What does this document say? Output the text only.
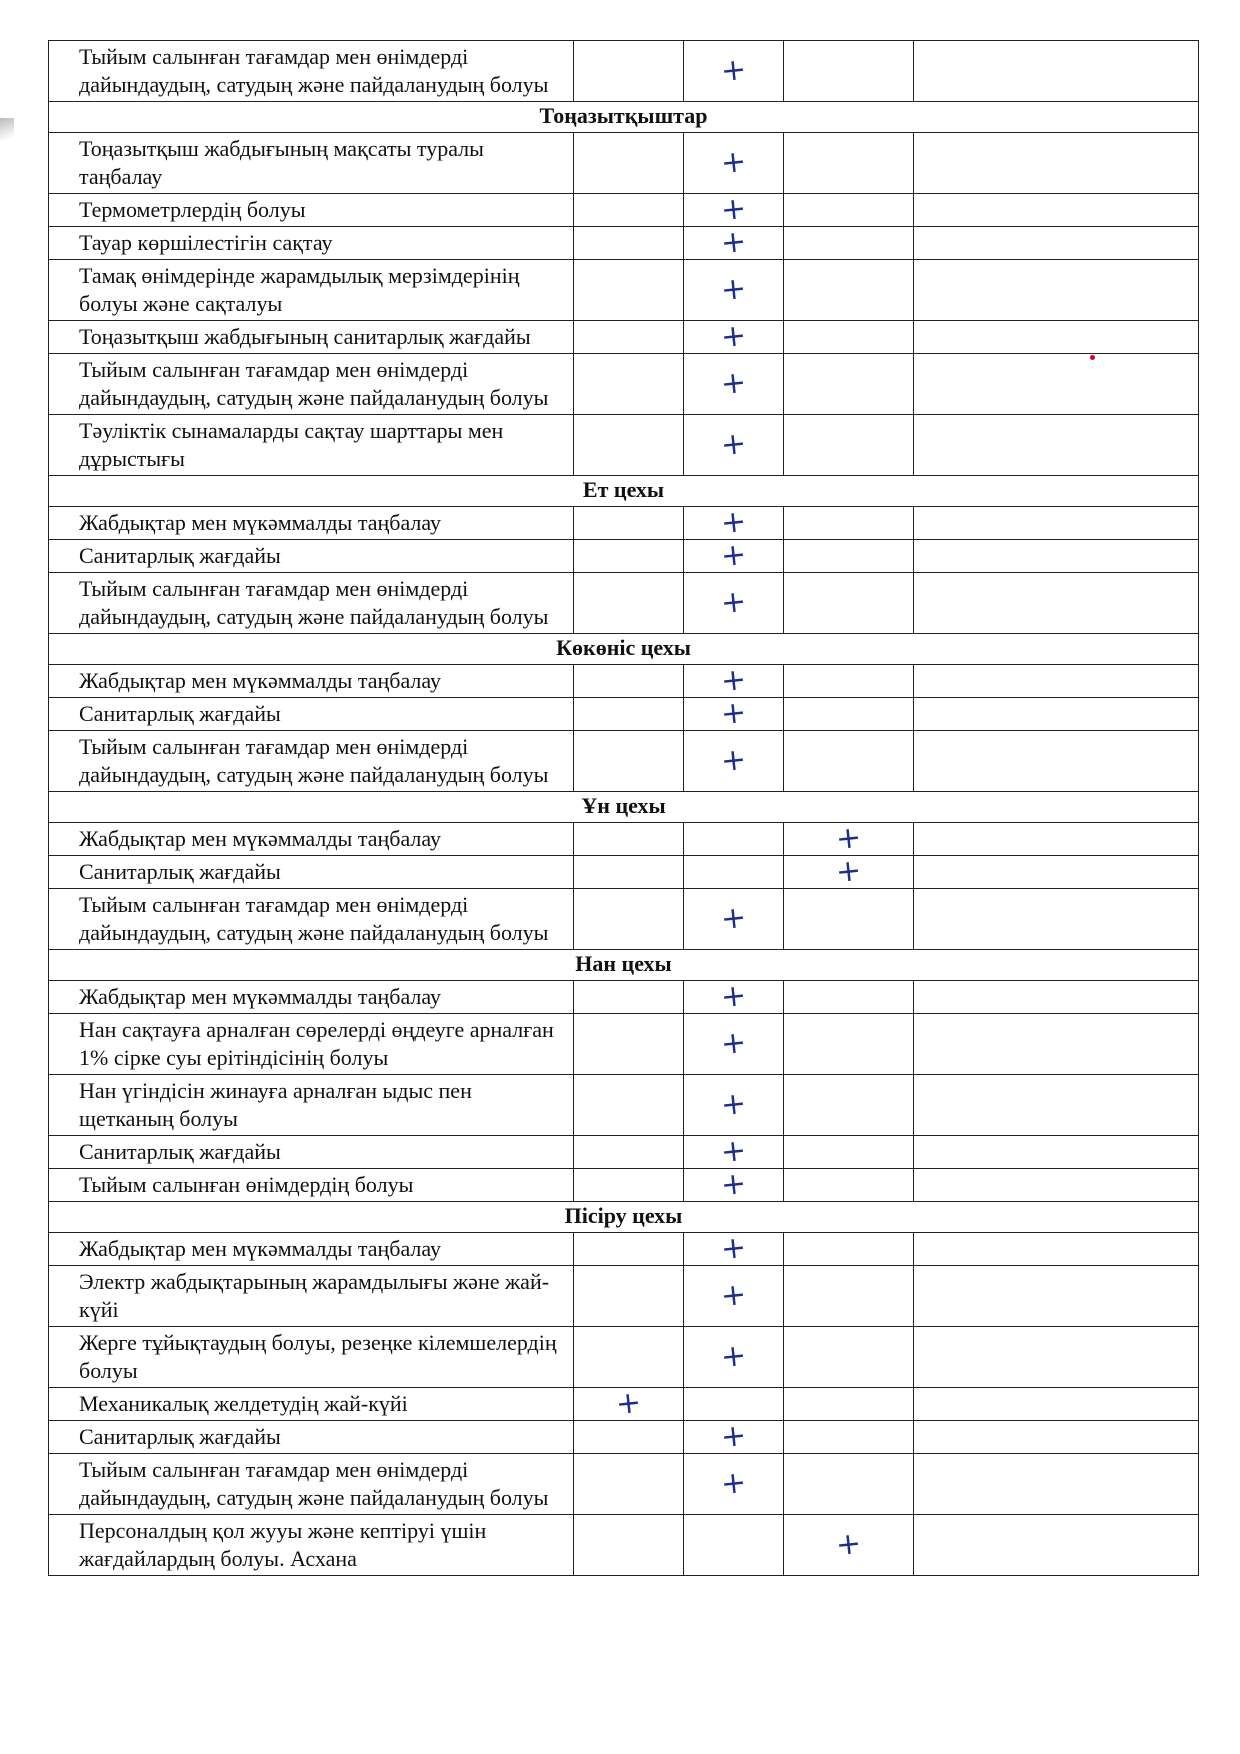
Тыйым салынған тағамдар мен өнімдерді дайындаудың, сатудың және пайдаланудың болуы		+		
Тоңазытқыштар				
Тоңазытқыш жабдығының мақсаты туралы таңбалау		+		
Термометрлердің болуы		+		
Тауар көршілестігін сақтау		+		
Тамақ өнімдерінде жарамдылық мерзімдерінің болуы және сақталуы		+		
Тоңазытқыш жабдығының санитарлық жағдайы		+		
Тыйым салынған тағамдар мен өнімдерді дайындаудың, сатудың және пайдаланудың болуы		+		
Тәуліктік сынамаларды сақтау шарттары мен дұрыстығы		+		
Ет цехы				
Жабдықтар мен мүкәммалды таңбалау		+		
Санитарлық жағдайы		+		
Тыйым салынған тағамдар мен өнімдерді дайындаудың, сатудың және пайдаланудың болуы		+		
Көкөніс цехы				
Жабдықтар мен мүкәммалды таңбалау		+		
Санитарлық жағдайы		+		
Тыйым салынған тағамдар мен өнімдерді дайындаудың, сатудың және пайдаланудың болуы		+		
Ұн цехы				
Жабдықтар мен мүкәммалды таңбалау			+	
Санитарлық жағдайы			+	
Тыйым салынған тағамдар мен өнімдерді дайындаудың, сатудың және пайдаланудың болуы		+		
Нан цехы				
Жабдықтар мен мүкәммалды таңбалау		+		
Нан сақтауға арналған сөрелерді өңдеуге арналған 1% сірке суы ерітіндісінің болуы		+		
Нан үгіндісін жинауға арналған ыдыс пен щетканың болуы		+		
Санитарлық жағдайы		+		
Тыйым салынған өнімдердің болуы		+		
Пісіру цехы				
Жабдықтар мен мүкәммалды таңбалау		+		
Электр жабдықтарының жарамдылығы және жай-күйі		+		
Жерге тұйықтаудың болуы, резеңке кілемшелердің болуы		+		
Механикалық желдетудің жай-күйі	+			
Санитарлық жағдайы		+		
Тыйым салынған тағамдар мен өнімдерді дайындаудың, сатудың және пайдаланудың болуы		+		
Персоналдың қол жууы және кептіруі үшін жағдайлардың болуы. Асхана			+	
